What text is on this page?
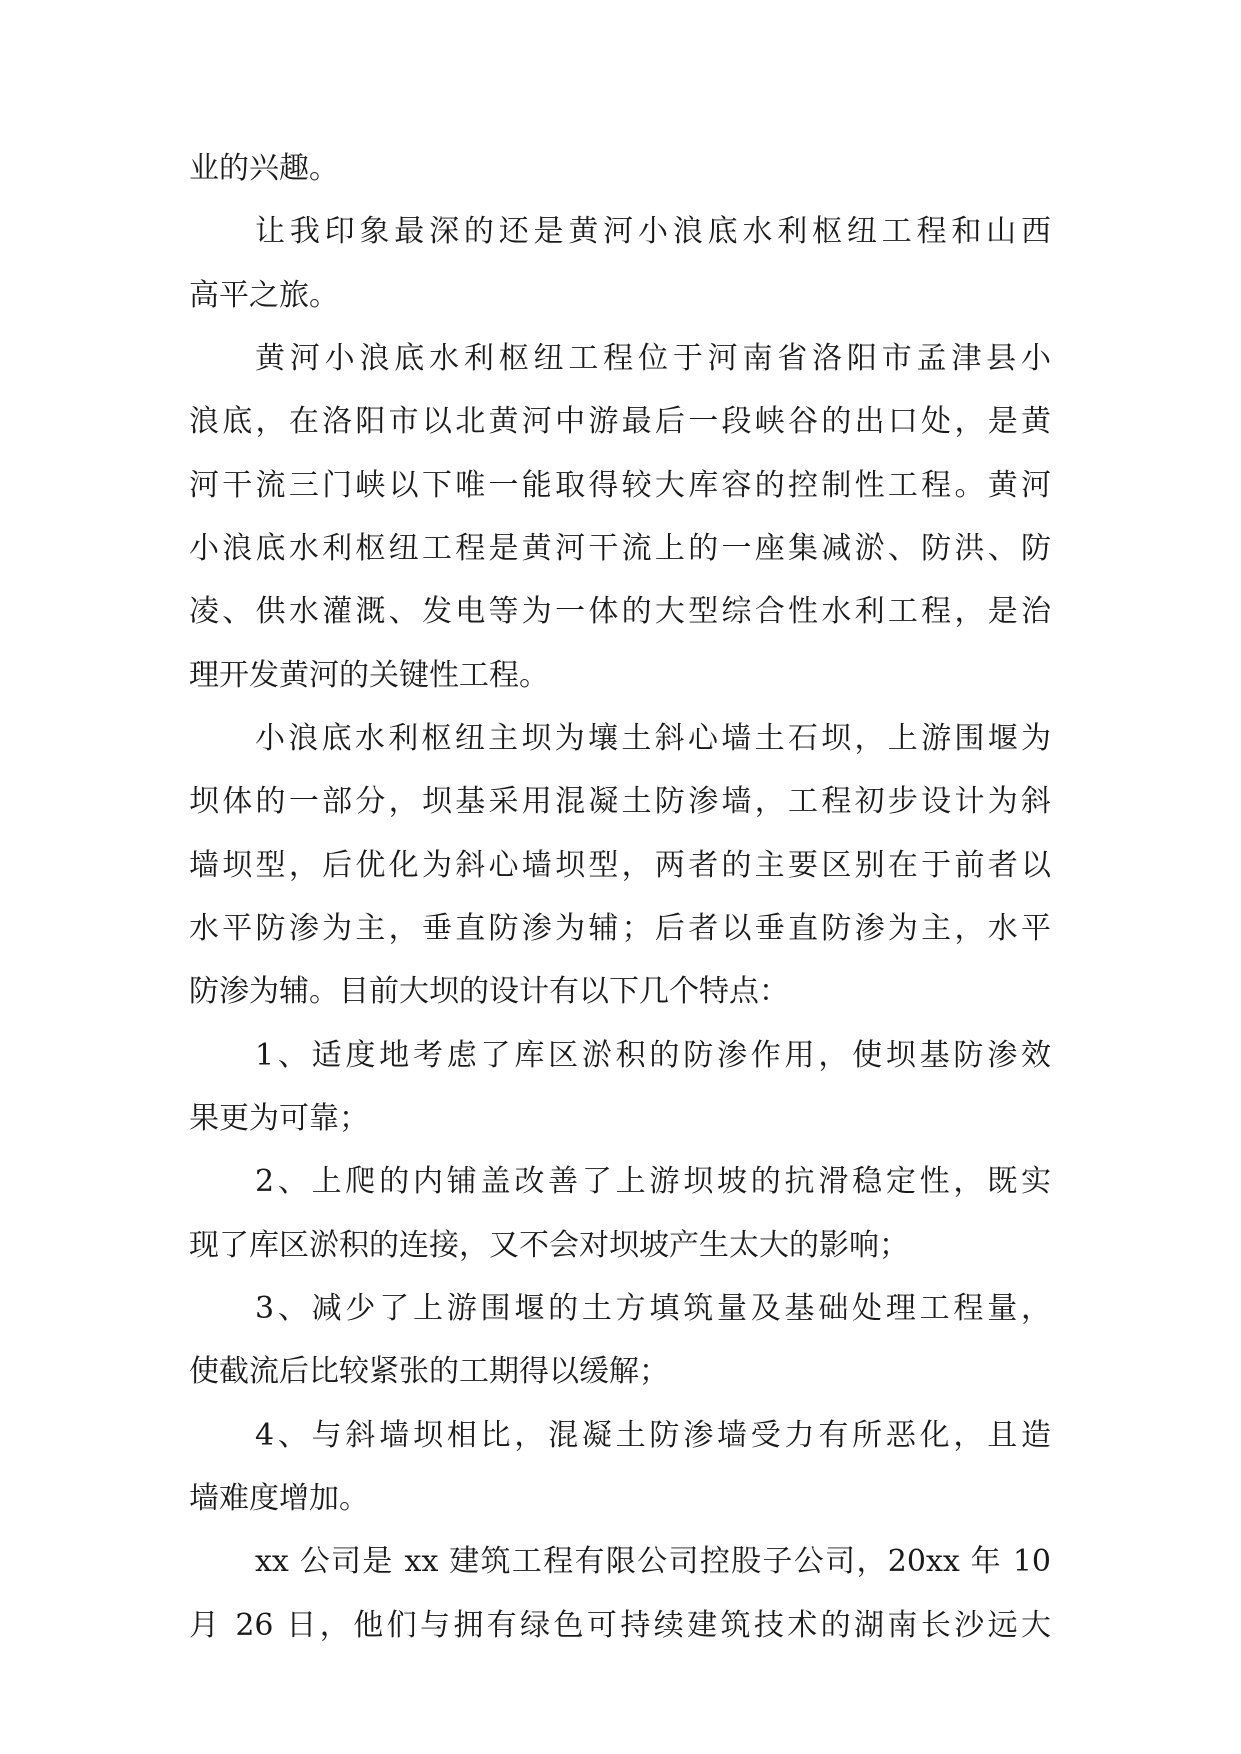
业的兴趣。

让我印象最深的还是黄河小浪底水利枢纽工程和山西

高平之旅。

黄河小浪底水利枢纽工程位于河南省洛阳市孟津县小

浪底，在洛阳市以北黄河中游最后一段峡谷的出口处，是黄

河干流三门峡以下唯一能取得较大库容的控制性工程。黄河

小浪底水利枢纽工程是黄河干流上的一座集减淤、防洪、防

凌、供水灌溉、发电等为一体的大型综合性水利工程，是治

理开发黄河的关键性工程。

小浪底水利枢纽主坝为壤土斜心墙土石坝，上游围堰为

坝体的一部分，坝基采用混凝土防渗墙，工程初步设计为斜

墙坝型，后优化为斜心墙坝型，两者的主要区别在于前者以

水平防渗为主，垂直防渗为辅；后者以垂直防渗为主，水平

防渗为辅。目前大坝的设计有以下几个特点：

1、适度地考虑了库区淤积的防渗作用，使坝基防渗效

果更为可靠；

2、上爬的内铺盖改善了上游坝坡的抗滑稳定性，既实

现了库区淤积的连接，又不会对坝坡产生太大的影响；

3、减少了上游围堰的土方填筑量及基础处理工程量，

使截流后比较紧张的工期得以缓解；

4、与斜墙坝相比，混凝土防渗墙受力有所恶化，且造

墙难度增加。

xx 公司是 xx 建筑工程有限公司控股子公司，20xx 年 10

月 26 日，他们与拥有绿色可持续建筑技术的湖南长沙远大
